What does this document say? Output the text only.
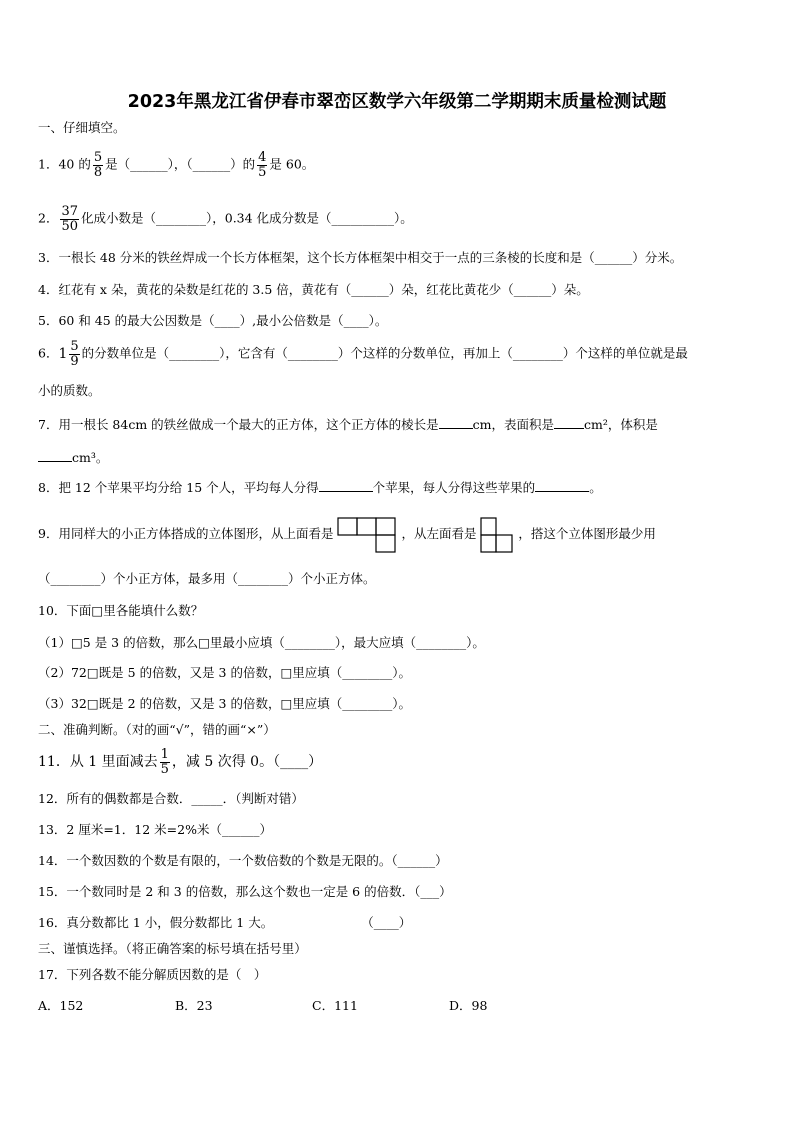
2023年黑龙江省伊春市翠峦区数学六年级第二学期期末质量检测试题
一、仔细填空。
1．40 的 $\frac{5}{8}$ 是（______），（______）的 $\frac{4}{5}$ 是 60。
2． $\frac{37}{50}$ 化成小数是（________），0.34 化成分数是（__________）。
3．一根长 48 分米的铁丝焊成一个长方体框架，这个长方体框架中相交于一点的三条棱的长度和是（______）分米。
4．红花有 x 朵，黄花的朵数是红花的 3.5 倍，黄花有（______）朵，红花比黄花少（______）朵。
5．60 和 45 的最大公因数是（____）,最小公倍数是（____）。
6．$1 \frac{5}{9}$ 的分数单位是（________），它含有（________）个这样的分数单位，再加上（________）个这样的单位就是最
小的质数。
7．用一根长 84cm 的铁丝做成一个最大的正方体，这个正方体的棱长是	cm，表面积是 cm²，体积是
cm³。
8．把 12 个苹果平均分给 15 个人，平均每人分得	个苹果，每人分得这些苹果的	。
9．用同样大的小正方体搭成的立体图形，从上面看是	，从左面看是	，搭这个立体图形最少用
（________）个小正方体，最多用（________）个小正方体。
10．下面□里各能填什么数？
（1）□5 是 3 的倍数，那么□里最小应填（________），最大应填（________）。
（2）72□既是 5 的倍数，又是 3 的倍数，□里应填（________）。
（3）32□既是 2 的倍数，又是 3 的倍数，□里应填（________）。
二、准确判断。（对的画“√”，错的画“×”）
11．从 1 里面减去 $\frac{1}{5}$ ，减 5 次得 0。（____）
12．所有的偶数都是合数．_____．（判断对错）
13．2 厘米=1．12 米=2%米（______）
14．一个数因数的个数是有限的，一个数倍数的个数是无限的。（______）
15．一个数同时是 2 和 3 的倍数，那么这个数也一定是 6 的倍数．（___）
16．真分数都比 1 小，假分数都比 1 大。	（____）
三、谨慎选择。（将正确答案的标号填在括号里）
17．下列各数不能分解质因数的是（　）
A．152	B．23	C．111	D．98
